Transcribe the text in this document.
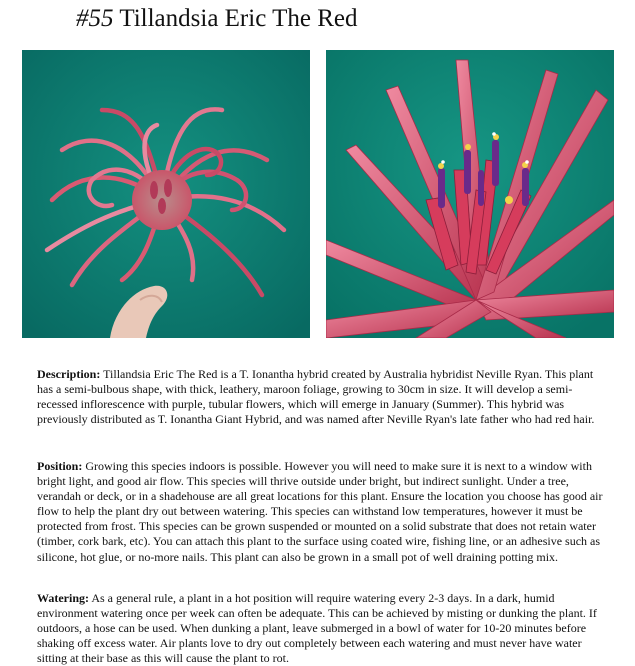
#55 Tillandsia Eric The Red
Description: Tillandsia Eric The Red is a T. Ionantha hybrid created by Australia hybridist Neville Ryan. This plant has a semi-bulbous shape, with thick, leathery, maroon foliage, growing to 30cm in size. It will develop a semi-recessed inflorescence with purple, tubular flowers, which will emerge in January (Summer). This hybrid was previously distributed as T. Ionantha Giant Hybrid, and was named after Neville Ryan's late father who had red hair.
Position: Growing this species indoors is possible. However you will need to make sure it is next to a window with bright light, and good air flow. This species will thrive outside under bright, but indirect sunlight. Under a tree, verandah or deck, or in a shadehouse are all great locations for this plant. Ensure the location you choose has good air flow to help the plant dry out between watering. This species can withstand low temperatures, however it must be protected from frost. This species can be grown suspended or mounted on a solid substrate that does not retain water (timber, cork bark, etc). You can attach this plant to the surface using coated wire, fishing line, or an adhesive such as silicone, hot glue, or no-more nails. This plant can also be grown in a small pot of well draining potting mix.
Watering: As a general rule, a plant in a hot position will require watering every 2-3 days. In a dark, humid environment watering once per week can often be adequate. This can be achieved by misting or dunking the plant. If outdoors, a hose can be used. When dunking a plant, leave submerged in a bowl of water for 10-20 minutes before shaking off excess water. Air plants love to dry out completely between each watering and must never have water sitting at their base as this will cause the plant to rot.
